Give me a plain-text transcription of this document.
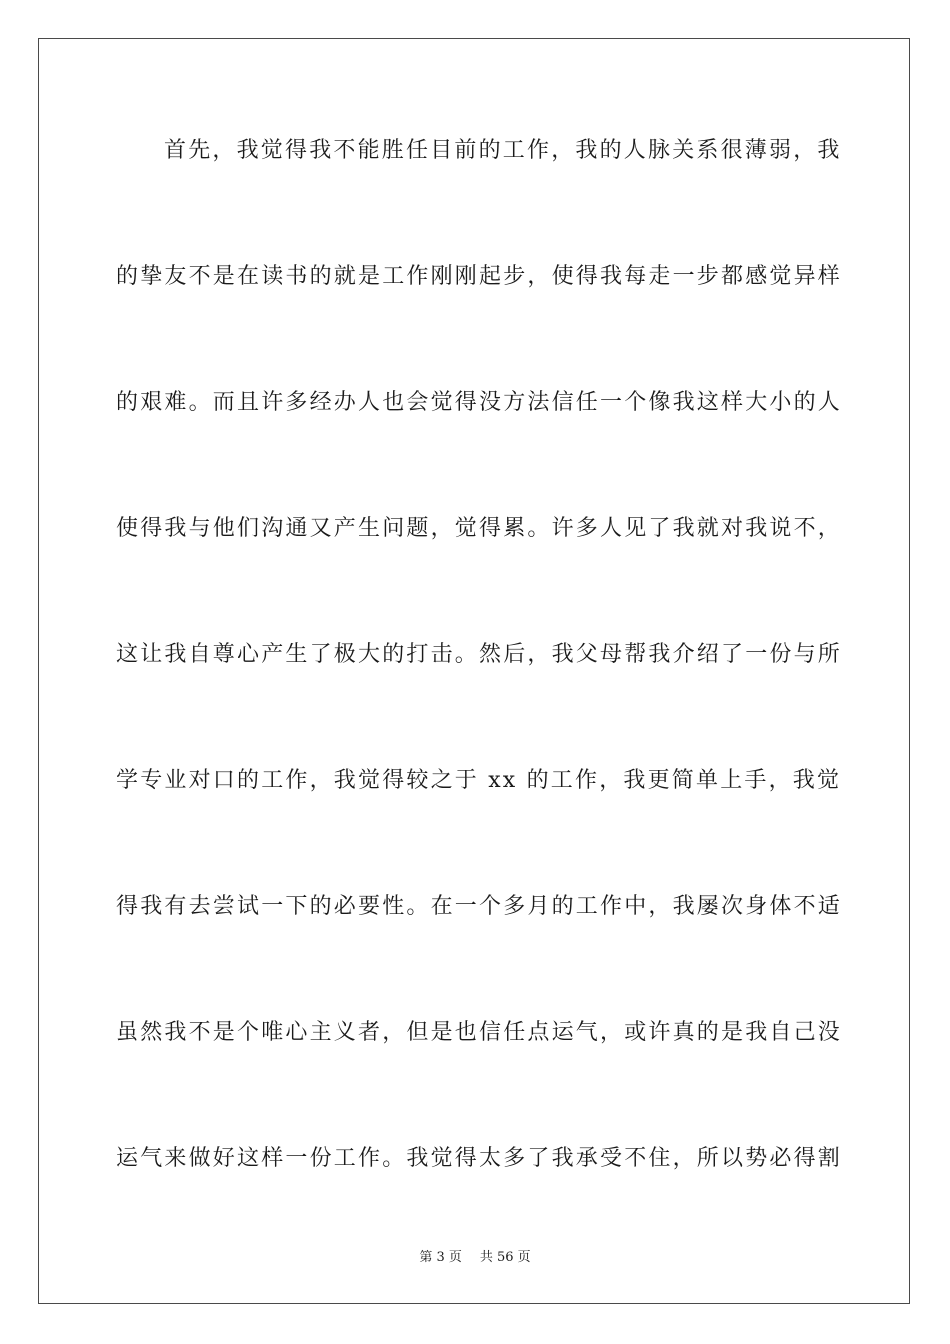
首先，我觉得我不能胜任目前的工作，我的人脉关系很薄弱，我
的挚友不是在读书的就是工作刚刚起步，使得我每走一步都感觉异样
的艰难。而且许多经办人也会觉得没方法信任一个像我这样大小的人
使得我与他们沟通又产生问题，觉得累。许多人见了我就对我说不，
这让我自尊心产生了极大的打击。然后，我父母帮我介绍了一份与所
学专业对口的工作，我觉得较之于 xx 的工作，我更简单上手，我觉
得我有去尝试一下的必要性。在一个多月的工作中，我屡次身体不适
虽然我不是个唯心主义者，但是也信任点运气，或许真的是我自己没
运气来做好这样一份工作。我觉得太多了我承受不住，所以势必得割
第 3 页 共 56 页
